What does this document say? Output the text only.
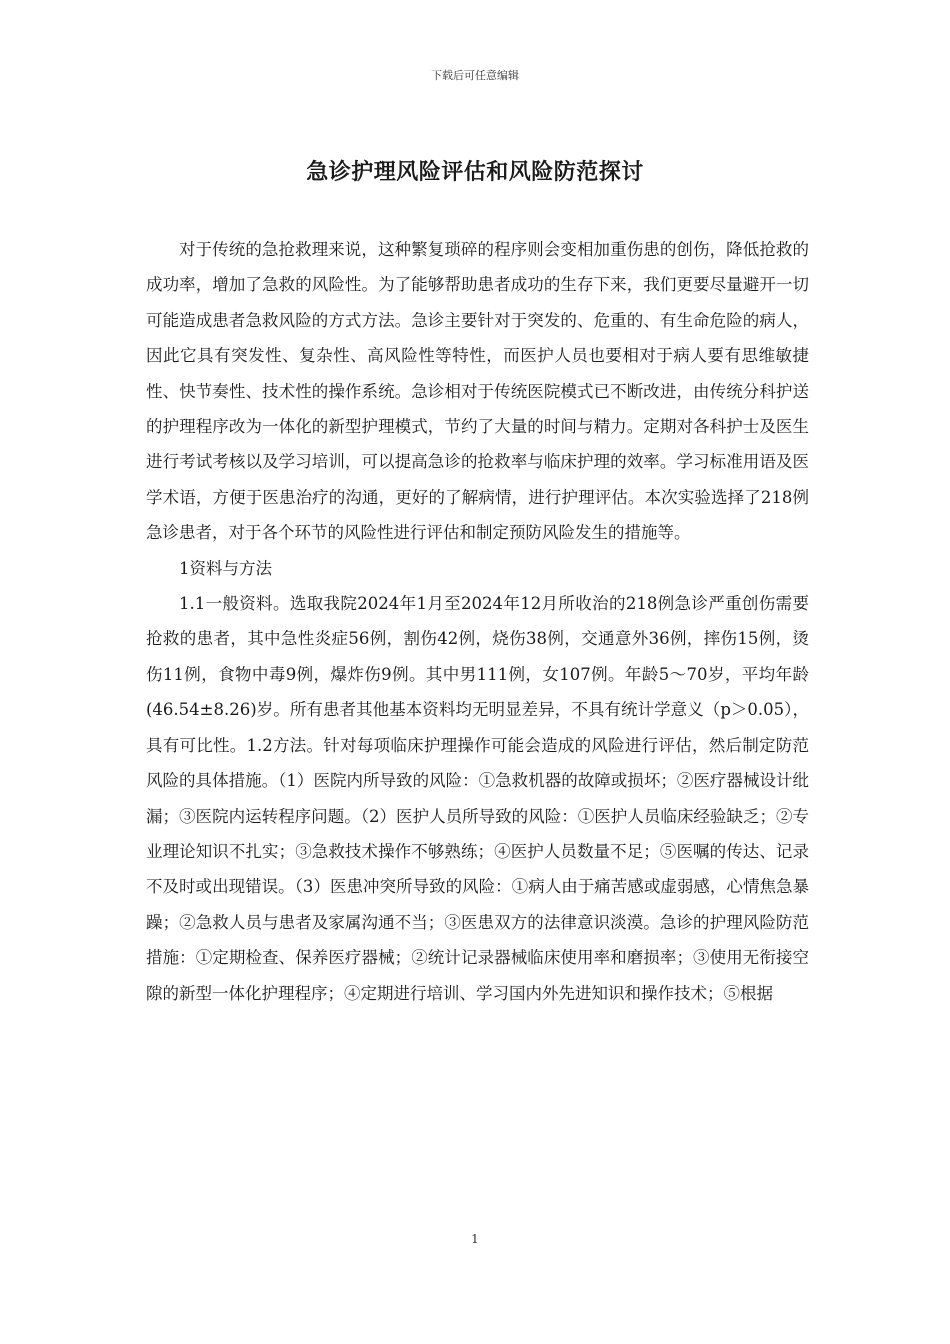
下载后可任意编辑
急诊护理风险评估和风险防范探讨

对于传统的急抢救理来说，这种繁复琐碎的程序则会变相加重伤患的创伤，降低抢救的成功率，增加了急救的风险性。为了能够帮助患者成功的生存下来，我们更要尽量避开一切可能造成患者急救风险的方式方法。急诊主要针对于突发的、危重的、有生命危险的病人，因此它具有突发性、复杂性、高风险性等特性，而医护人员也要相对于病人要有思维敏捷性、快节奏性、技术性的操作系统。急诊相对于传统医院模式已不断改进，由传统分科护送的护理程序改为一体化的新型护理模式，节约了大量的时间与精力。定期对各科护士及医生进行考试考核以及学习培训，可以提高急诊的抢救率与临床护理的效率。学习标准用语及医学术语，方便于医患治疗的沟通，更好的了解病情，进行护理评估。本次实验选择了218例急诊患者，对于各个环节的风险性进行评估和制定预防风险发生的措施等。

1资料与方法

1.1一般资料。选取我院2024年1月至2024年12月所收治的218例急诊严重创伤需要抢救的患者，其中急性炎症56例，割伤42例，烧伤38例，交通意外36例，摔伤15例，烫伤11例，食物中毒9例，爆炸伤9例。其中男111例，女107例。年龄5～70岁，平均年龄(46.54±8.26)岁。所有患者其他基本资料均无明显差异，不具有统计学意义（p＞0.05），具有可比性。1.2方法。针对每项临床护理操作可能会造成的风险进行评估，然后制定防范风险的具体措施。（1）医院内所导致的风险：①急救机器的故障或损坏；②医疗器械设计纰漏；③医院内运转程序问题。（2）医护人员所导致的风险：①医护人员临床经验缺乏；②专业理论知识不扎实；③急救技术操作不够熟练；④医护人员数量不足；⑤医嘱的传达、记录不及时或出现错误。（3）医患冲突所导致的风险：①病人由于痛苦感或虚弱感，心情焦急暴躁；②急救人员与患者及家属沟通不当；③医患双方的法律意识淡漠。急诊的护理风险防范措施：①定期检查、保养医疗器械；②统计记录器械临床使用率和磨损率；③使用无衔接空隙的新型一体化护理程序；④定期进行培训、学习国内外先进知识和操作技术；⑤根据

1
